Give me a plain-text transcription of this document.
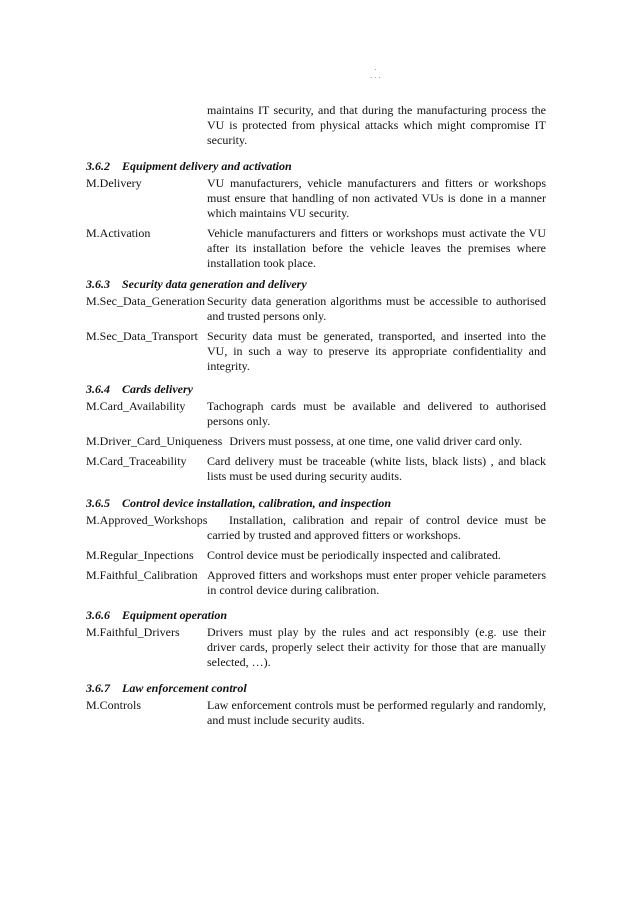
·
· · ·
maintains IT security, and that during the manufacturing process the VU is protected from physical attacks which might compromise IT security.
3.6.2 Equipment delivery and activation
M.Delivery	VU manufacturers, vehicle manufacturers and fitters or workshops must ensure that handling of non activated VUs is done in a manner which maintains VU security.
M.Activation	Vehicle manufacturers and fitters or workshops must activate the VU after its installation before the vehicle leaves the premises where installation took place.
3.6.3 Security data generation and delivery
M.Sec_Data_Generation Security data generation algorithms must be accessible to authorised and trusted persons only.
M.Sec_Data_Transport Security data must be generated, transported, and inserted into the VU, in such a way to preserve its appropriate confidentiality and integrity.
3.6.4 Cards delivery
M.Card_Availability Tachograph cards must be available and delivered to authorised persons only.
M.Driver_Card_Uniqueness Drivers must possess, at one time, one valid driver card only.
M.Card_Traceability Card delivery must be traceable (white lists, black lists) , and black lists must be used during security audits.
3.6.5 Control device installation, calibration, and inspection
M.Approved_Workshops	Installation, calibration and repair of control device must be carried by trusted and approved fitters or workshops.
M.Regular_Inpections Control device must be periodically inspected and calibrated.
M.Faithful_Calibration Approved fitters and workshops must enter proper vehicle parameters in control device during calibration.
3.6.6 Equipment operation
M.Faithful_Drivers Drivers must play by the rules and act responsibly (e.g. use their driver cards, properly select their activity for those that are manually selected, …).
3.6.7 Law enforcement control
M.Controls	Law enforcement controls must be performed regularly and randomly, and must include security audits.
